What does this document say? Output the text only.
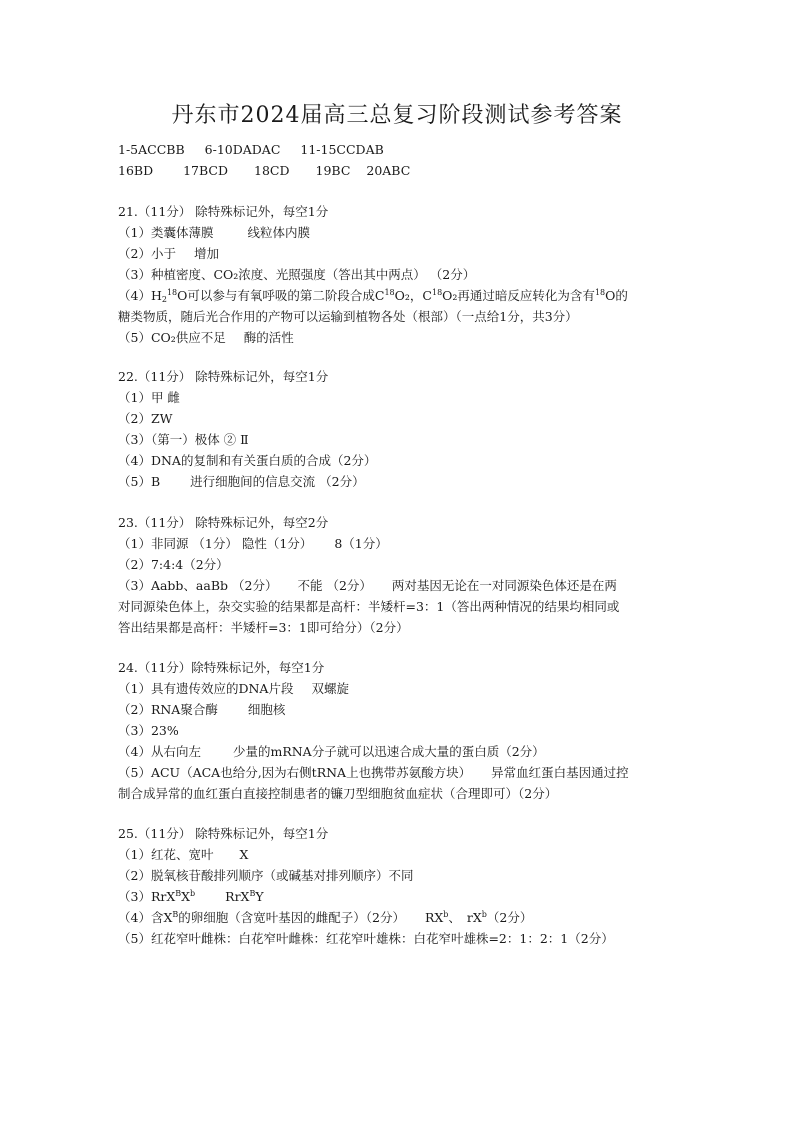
丹东市2024届高三总复习阶段测试参考答案
1-5ACCBB 6-10DADAC 11-15CCDAB
16BD 17BCD 18CD 19BC 20ABC
21.（11分） 除特殊标记外，每空1分
（1）类囊体薄膜	线粒体内膜
（2）小于 增加
（3）种植密度、CO₂浓度、光照强度（答出其中两点） （2分）
$(4)H_2^{18}O$可以参与有氧呼吸的第二阶段合成$C^{18}O_2$，$C^{18}O_2$再通过暗反应转化为含有$^{18}$O的
糖类物质，随后光合作用的产物可以运输到植物各处（根部）（一点给1分，共3分）
（5）CO₂供应不足 酶的活性
22.（11分） 除特殊标记外，每空1分
（1）甲 雌
（2）ZW
（3）（第一）极体 ② Ⅱ
（4）DNA的复制和有关蛋白质的合成（2分）
（5）B 进行细胞间的信息交流 （2分）
23.（11分） 除特殊标记外，每空2分
（1）非同源 （1分） 隐性（1分） 8（1分）
（2）7:4:4（2分）
（3）Aabb、aaBb （2分） 不能 （2分） 两对基因无论在一对同源染色体还是在两
对同源染色体上，杂交实验的结果都是高杆：半矮杆=3：1（答出两种情况的结果均相同或
答出结果都是高杆：半矮杆=3：1即可给分）（2分）
24.（11分）除特殊标记外，每空1分
（1）具有遗传效应的DNA片段 双螺旋
（2）RNA聚合酶 细胞核
（3）23%
（4）从右向左	少量的mRNA分子就可以迅速合成大量的蛋白质（2分）
（5）ACU（ACA也给分,因为右侧tRNA上也携带苏氨酸方块） 异常血红蛋白基因通过控
制合成异常的血红蛋白直接控制患者的镰刀型细胞贫血症状（合理即可）（2分）
25.（11分） 除特殊标记外，每空1分
（1）红花、宽叶 X
（2）脱氧核苷酸排列顺序（或碱基对排列顺序）不同
$(3)RrX^BX^b$ RrX$^B$Y
（4）含$X^B$的卵细胞（含宽叶基因的雌配子）（2分） $RX^b$、 $rX^b(2$分）
（5）红花窄叶雌株：白花窄叶雌株：红花窄叶雄株：白花窄叶雄株=2：1：2：1（2分）
